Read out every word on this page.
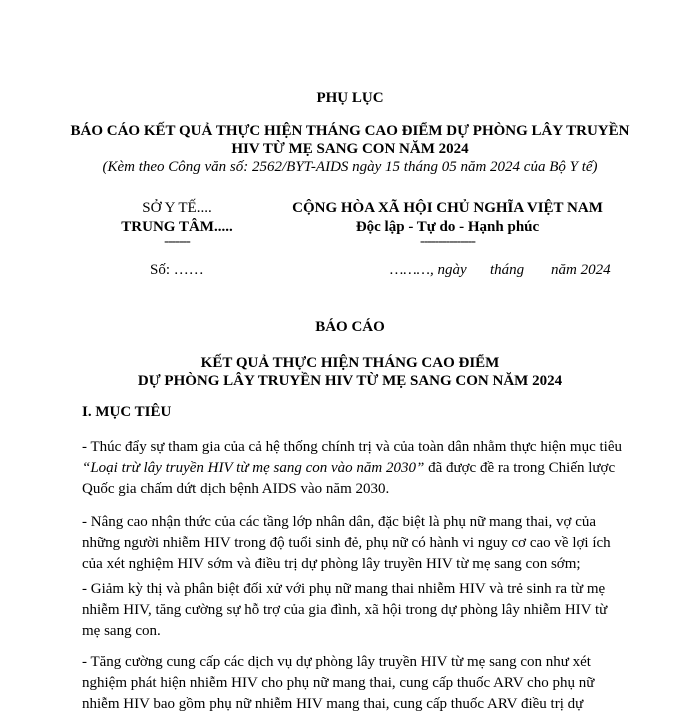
PHỤ LỤC
BÁO CÁO KẾT QUẢ THỰC HIỆN THÁNG CAO ĐIỂM DỰ PHÒNG LÂY TRUYỀN
HIV TỪ MẸ SANG CON NĂM 2024
(Kèm theo Công văn số: 2562/BYT-AIDS ngày 15 tháng 05 năm 2024 của Bộ Y tế)
SỞ Y TẾ....
TRUNG TÂM.....
-------
Số: ……
CỘNG HÒA XÃ HỘI CHỦ NGHĨA VIỆT NAM
Độc lập - Tự do - Hạnh phúc
---------------
………, ngày tháng năm 2024
BÁO CÁO
KẾT QUẢ THỰC HIỆN THÁNG CAO ĐIỂM
DỰ PHÒNG LÂY TRUYỀN HIV TỪ MẸ SANG CON NĂM 2024
I. MỤC TIÊU
- Thúc đẩy sự tham gia của cả hệ thống chính trị và của toàn dân nhằm thực hiện mục tiêu “Loại trừ lây truyền HIV từ mẹ sang con vào năm 2030” đã được đề ra trong Chiến lược Quốc gia chấm dứt dịch bệnh AIDS vào năm 2030.
- Nâng cao nhận thức của các tầng lớp nhân dân, đặc biệt là phụ nữ mang thai, vợ của những người nhiễm HIV trong độ tuổi sinh đẻ, phụ nữ có hành vi nguy cơ cao về lợi ích của xét nghiệm HIV sớm và điều trị dự phòng lây truyền HIV từ mẹ sang con sớm;
- Giảm kỳ thị và phân biệt đối xử với phụ nữ mang thai nhiễm HIV và trẻ sinh ra từ mẹ nhiễm HIV, tăng cường sự hỗ trợ của gia đình, xã hội trong dự phòng lây nhiễm HIV từ mẹ sang con.
- Tăng cường cung cấp các dịch vụ dự phòng lây truyền HIV từ mẹ sang con như xét nghiệm phát hiện nhiễm HIV cho phụ nữ mang thai, cung cấp thuốc ARV cho phụ nữ nhiễm HIV bao gồm phụ nữ nhiễm HIV mang thai, cung cấp thuốc ARV điều trị dự
